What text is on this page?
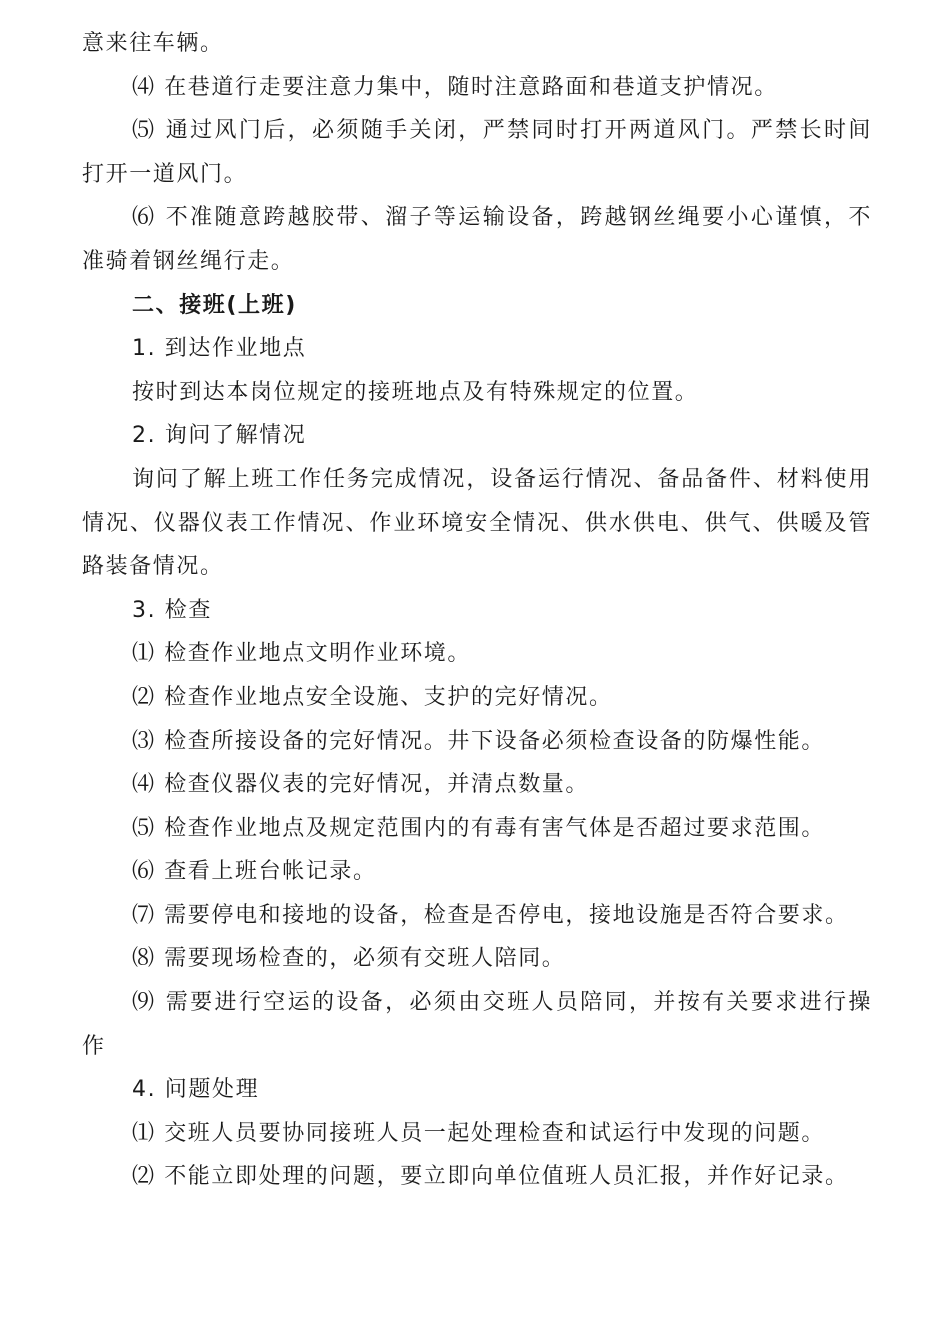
意来往车辆。

⑷ 在巷道行走要注意力集中，随时注意路面和巷道支护情况。

⑸ 通过风门后，必须随手关闭，严禁同时打开两道风门。严禁长时间打开一道风门。

⑹ 不准随意跨越胶带、溜子等运输设备，跨越钢丝绳要小心谨慎，不准骑着钢丝绳行走。

二、接班(上班)

1. 到达作业地点

按时到达本岗位规定的接班地点及有特殊规定的位置。

2. 询问了解情况

询问了解上班工作任务完成情况，设备运行情况、备品备件、材料使用情况、仪器仪表工作情况、作业环境安全情况、供水供电、供气、供暖及管路装备情况。

3. 检查

⑴ 检查作业地点文明作业环境。

⑵ 检查作业地点安全设施、支护的完好情况。

⑶ 检查所接设备的完好情况。井下设备必须检查设备的防爆性能。

⑷ 检查仪器仪表的完好情况，并清点数量。

⑸ 检查作业地点及规定范围内的有毒有害气体是否超过要求范围。

⑹ 查看上班台帐记录。

⑺ 需要停电和接地的设备，检查是否停电，接地设施是否符合要求。

⑻ 需要现场检查的，必须有交班人陪同。

⑼ 需要进行空运的设备，必须由交班人员陪同，并按有关要求进行操作

4. 问题处理

⑴ 交班人员要协同接班人员一起处理检查和试运行中发现的问题。

⑵ 不能立即处理的问题，要立即向单位值班人员汇报，并作好记录。
